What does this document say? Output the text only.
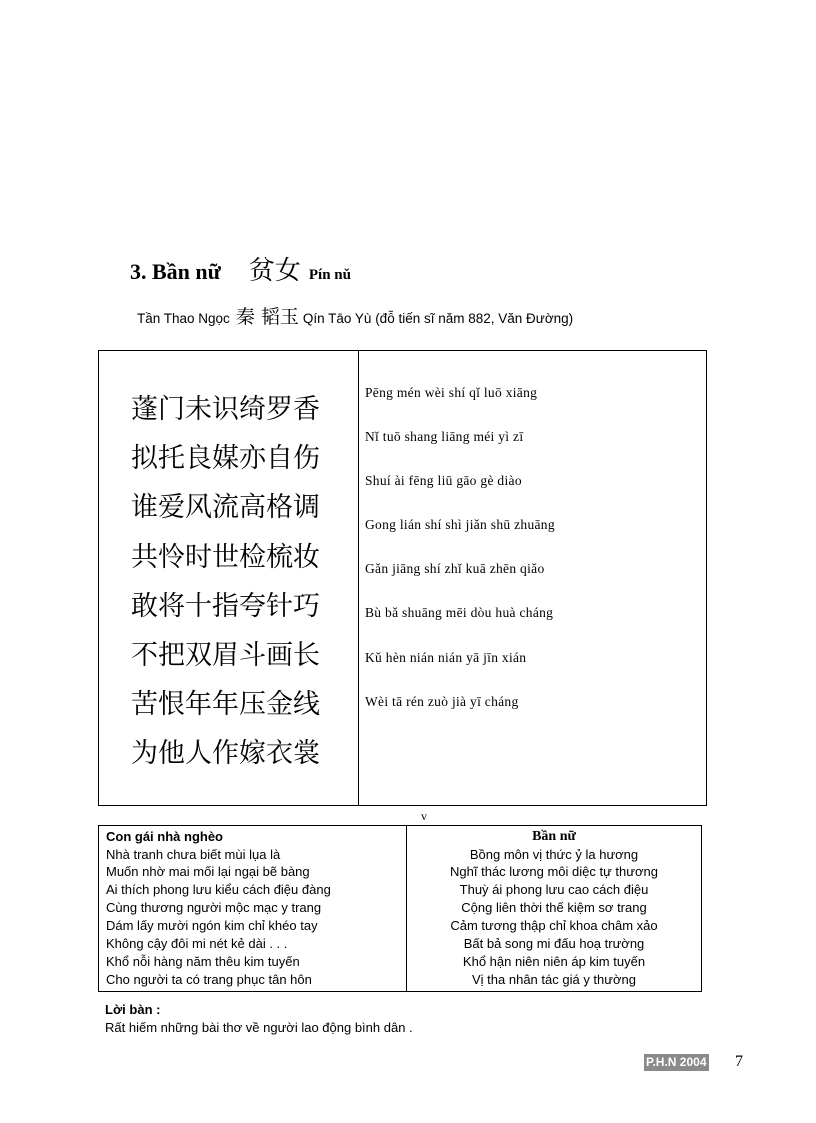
3. Bần nữ 贫女 Pín nǔ
Tần Thao Ngọc 秦 韬玉 Qín Tāo Yù (đỗ tiến sĩ năm 882, Văn Đường)
蓬门未识绮罗香
拟托良媒亦自伤
谁爱风流高格调
共怜时世检梳妆
敢将十指夸针巧
不把双眉斗画长
苦恨年年压金线
为他人作嫁衣裳
Pēng mén wèi shí qǐ luō xiāng
Nǐ tuō shang liāng méi yì zī
Shuí ài fēng liū gāo gè diào
Gong lián shí shì jiǎn shū zhuāng
Gǎn jiāng shí zhǐ kuā zhēn qiǎo
Bù bǎ shuāng mēi dòu huà cháng
Kǔ hèn nián nián yā jīn xián
Wèi tā rén zuò jià yī cháng
v
Con gái nhà nghèo
Nhà tranh chưa biết mùi lụa là
Muốn nhờ mai mối lại ngại bẽ bàng
Ai thích phong lưu kiểu cách điệu đàng
Cùng thương người mộc mạc y trang
Dám lấy mười ngón kim chỉ khéo tay
Không cậy đôi mi nét kẻ dài . . .
Khổ nỗi hàng năm thêu kim tuyến
Cho người ta có trang phục tân hôn
Bần nữ
Bồng môn vị thức ỷ la hương
Nghĩ thác lương môi diệc tự thương
Thuỳ ái phong lưu cao cách điệu
Cộng liên thời thế kiệm sơ trang
Cảm tương thập chỉ khoa châm xảo
Bất bả song mi đấu hoạ trường
Khổ hận niên niên áp kim tuyến
Vị tha nhân tác giá y thường
Lời bàn :
Rất hiếm những bài thơ về người lao động bình dân .
P.H.N 2004 7
